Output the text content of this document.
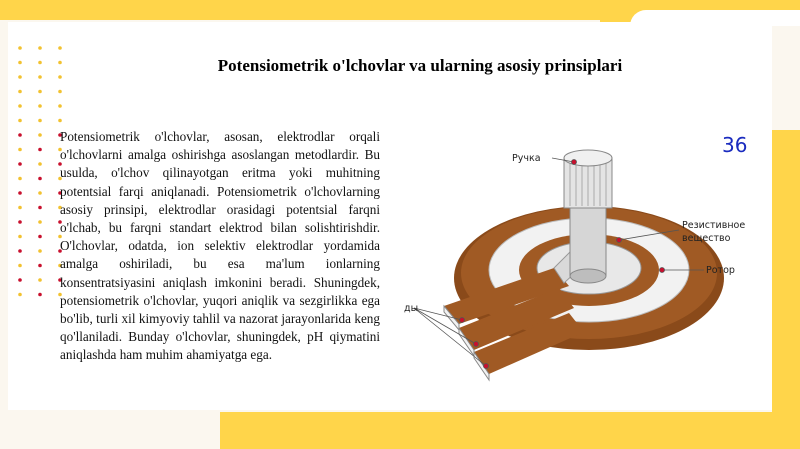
Potensiometrik o'lchovlar va ularning asosiy prinsiplari
Potensiometrik o'lchovlar, asosan, elektrodlar orqali o'lchovlarni amalga oshirishga asoslangan metodlardir. Bu usulda, o'lchov qilinayotgan eritma yoki muhitning potentsial farqi aniqlanadi. Potensiometrik o'lchovlarning asosiy prinsipi, elektrodlar orasidagi potentsial farqni o'lchab, bu farqni standart elektrod bilan solishtirishdir. O'lchovlar, odatda, ion selektiv elektrodlar yordamida amalga oshiriladi, bu esa ma'lum ionlarning konsentratsiyasini aniqlash imkonini beradi. Shuningdek, potensiometrik o'lchovlar, yuqori aniqlik va sezgirlikka ega bo'lib, turli xil kimyoviy tahlil va nazorat jarayonlarida keng qo'llaniladi. Bunday o'lchovlar, shuningdek, pH qiymatini aniqlashda ham muhim ahamiyatga ega.
Ручка
Резистивное
вещество
Ротор
ды
36
